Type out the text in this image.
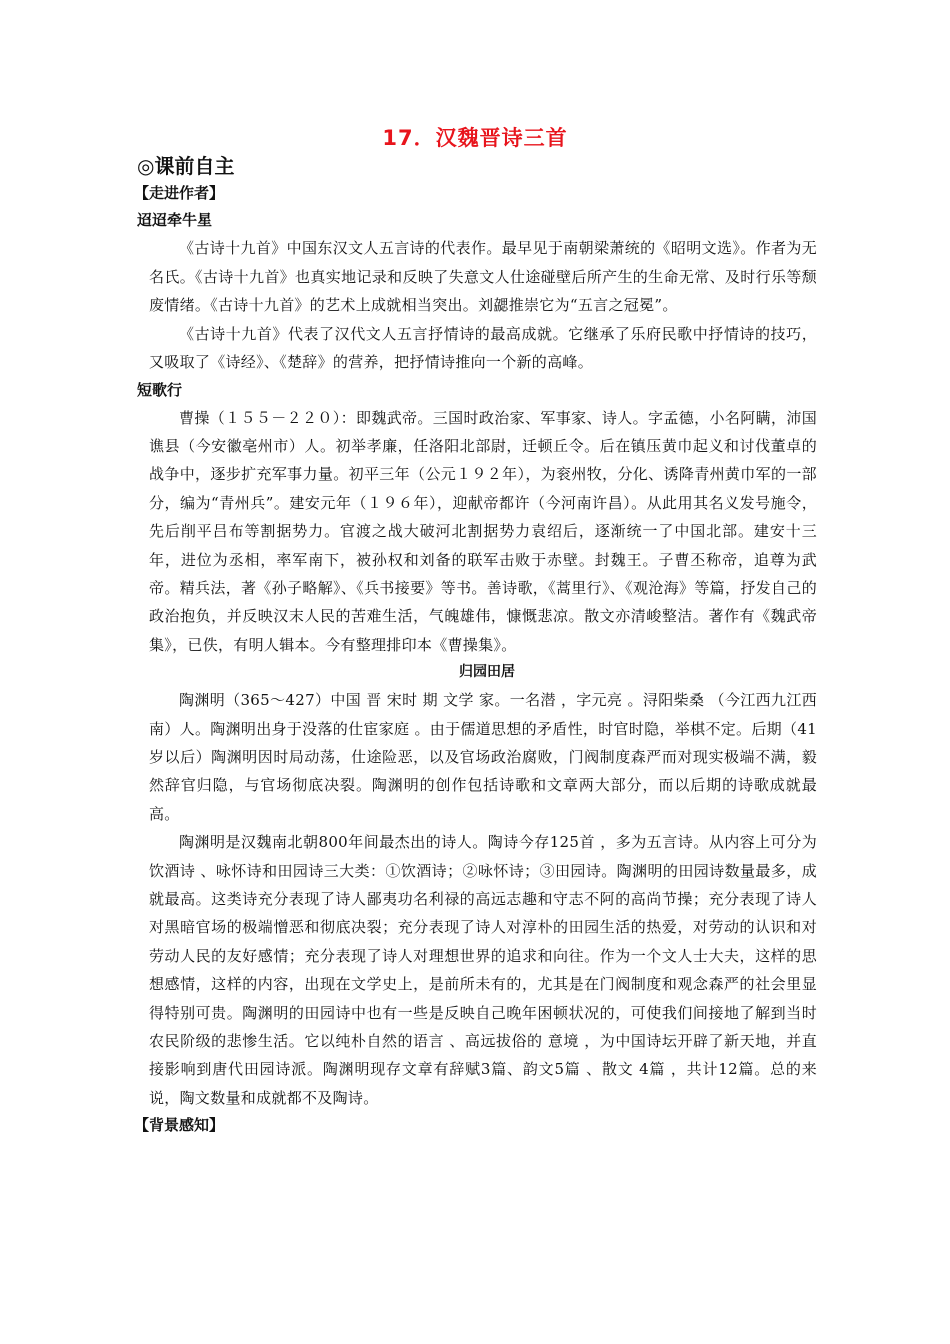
17．汉魏晋诗三首
◎课前自主
【走进作者】
迢迢牵牛星

《古诗十九首》中国东汉文人五言诗的代表作。最早见于南朝梁萧统的《昭明文选》。作者为无名氏。《古诗十九首》也真实地记录和反映了失意文人仕途碰壁后所产生的生命无常、及时行乐等颓废情绪。《古诗十九首》的艺术上成就相当突出。刘勰推崇它为“五言之冠冕”。

《古诗十九首》代表了汉代文人五言抒情诗的最高成就。它继承了乐府民歌中抒情诗的技巧，又吸取了《诗经》、《楚辞》的营养，把抒情诗推向一个新的高峰。

短歌行

曹操（１５５－２２０）：即魏武帝。三国时政治家、军事家、诗人。字孟德，小名阿瞒，沛国谯县（今安徽亳州市）人。初举孝廉，任洛阳北部尉，迁顿丘令。后在镇压黄巾起义和讨伐董卓的战争中，逐步扩充军事力量。初平三年（公元１９２年），为衮州牧，分化、诱降青州黄巾军的一部分，编为“青州兵”。建安元年（１９６年），迎献帝都许（今河南许昌）。从此用其名义发号施令，先后削平吕布等割据势力。官渡之战大破河北割据势力袁绍后，逐渐统一了中国北部。建安十三年，进位为丞相，率军南下，被孙权和刘备的联军击败于赤壁。封魏王。子曹丕称帝，追尊为武帝。精兵法，著《孙子略解》、《兵书接要》等书。善诗歌，《蒿里行》、《观沧海》等篇，抒发自己的政治抱负，并反映汉末人民的苦难生活，气魄雄伟，慷慨悲凉。散文亦清峻整洁。著作有《魏武帝集》，已佚，有明人辑本。今有整理排印本《曹操集》。

归园田居

陶渊明（365～427）中国 晋 宋时 期 文学 家。一名潜 ，字元亮 。浔阳柴桑 （今江西九江西南）人。陶渊明出身于没落的仕宦家庭 。由于儒道思想的矛盾性，时官时隐，举棋不定。后期（41岁以后）陶渊明因时局动荡，仕途险恶，以及官场政治腐败，门阀制度森严而对现实极端不满，毅然辞官归隐，与官场彻底决裂。陶渊明的创作包括诗歌和文章两大部分，而以后期的诗歌成就最高。

陶渊明是汉魏南北朝800年间最杰出的诗人。陶诗今存125首 ，多为五言诗。从内容上可分为饮酒诗 、咏怀诗和田园诗三大类：①饮酒诗；②咏怀诗；③田园诗。陶渊明的田园诗数量最多，成就最高。这类诗充分表现了诗人鄙夷功名利禄的高远志趣和守志不阿的高尚节操；充分表现了诗人对黑暗官场的极端憎恶和彻底决裂；充分表现了诗人对淳朴的田园生活的热爱，对劳动的认识和对劳动人民的友好感情；充分表现了诗人对理想世界的追求和向往。作为一个文人士大夫，这样的思想感情，这样的内容，出现在文学史上，是前所未有的，尤其是在门阀制度和观念森严的社会里显得特别可贵。陶渊明的田园诗中也有一些是反映自己晚年困顿状况的，可使我们间接地了解到当时农民阶级的悲惨生活。它以纯朴自然的语言 、高远拔俗的 意境 ，为中国诗坛开辟了新天地，并直接影响到唐代田园诗派。陶渊明现存文章有辞赋3篇、韵文5篇 、散文 4篇 ，共计12篇。总的来说，陶文数量和成就都不及陶诗。

【背景感知】
